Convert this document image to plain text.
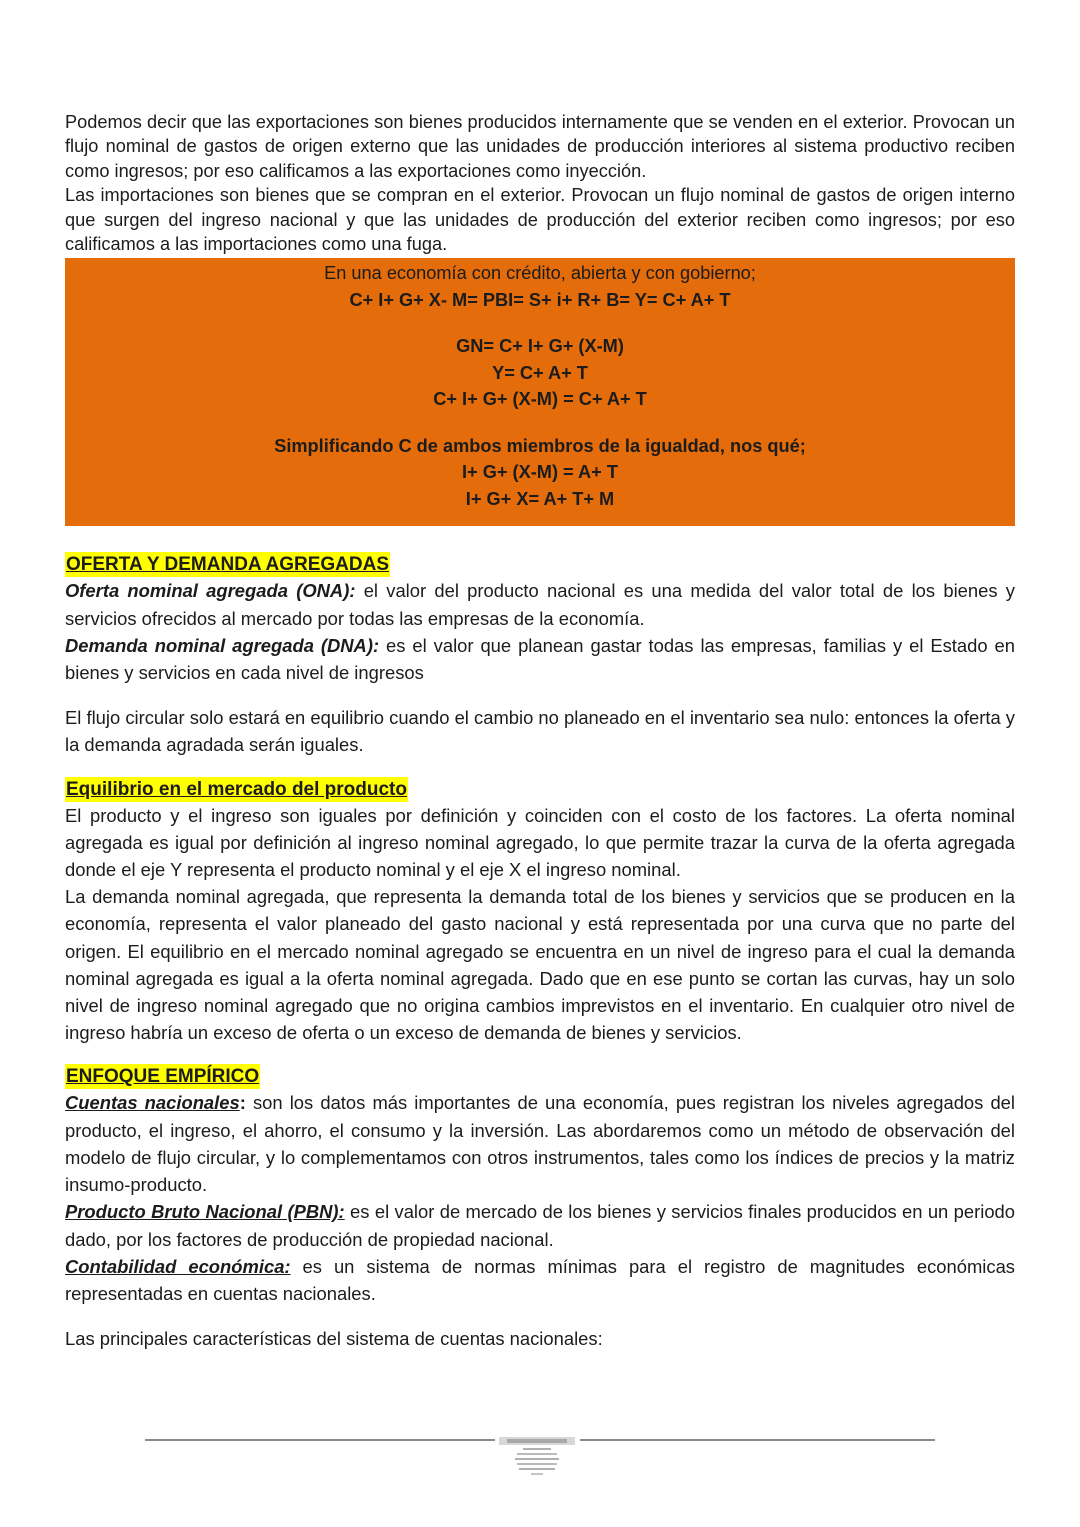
Podemos decir que las exportaciones son bienes producidos internamente que se venden en el exterior. Provocan un flujo nominal de gastos de origen externo que las unidades de producción interiores al sistema productivo reciben como ingresos; por eso calificamos a las exportaciones como inyección.

Las importaciones son bienes que se compran en el exterior. Provocan un flujo nominal de gastos de origen interno que surgen del ingreso nacional y que las unidades de producción del exterior reciben como ingresos; por eso calificamos a las importaciones como una fuga.

En una economía con crédito, abierta y con gobierno;
C+ I+ G+ X- M= PBI= S+ i+ R+ B= Y= C+ A+ T
GN= C+ I+ G+ (X-M)
Y= C+ A+ T
C+ I+ G+ (X-M) = C+ A+ T
Simplificando C de ambos miembros de la igualdad, nos qué;
I+ G+ (X-M) = A+ T
I+ G+ X= A+ T+ M
OFERTA Y DEMANDA AGREGADAS

Oferta nominal agregada (ONA): el valor del producto nacional es una medida del valor total de los bienes y servicios ofrecidos al mercado por todas las empresas de la economía.

Demanda nominal agregada (DNA): es el valor que planean gastar todas las empresas, familias y el Estado en bienes y servicios en cada nivel de ingresos

El flujo circular solo estará en equilibrio cuando el cambio no planeado en el inventario sea nulo: entonces la oferta y la demanda agradada serán iguales.

Equilibrio en el mercado del producto

El producto y el ingreso son iguales por definición y coinciden con el costo de los factores. La oferta nominal agregada es igual por definición al ingreso nominal agregado, lo que permite trazar la curva de la oferta agregada donde el eje Y representa el producto nominal y el eje X el ingreso nominal.

La demanda nominal agregada, que representa la demanda total de los bienes y servicios que se producen en la economía, representa el valor planeado del gasto nacional y está representada por una curva que no parte del origen. El equilibrio en el mercado nominal agregado se encuentra en un nivel de ingreso para el cual la demanda nominal agregada es igual a la oferta nominal agregada. Dado que en ese punto se cortan las curvas, hay un solo nivel de ingreso nominal agregado que no origina cambios imprevistos en el inventario. En cualquier otro nivel de ingreso habría un exceso de oferta o un exceso de demanda de bienes y servicios.

ENFOQUE EMPÍRICO

Cuentas nacionales: son los datos más importantes de una economía, pues registran los niveles agregados del producto, el ingreso, el ahorro, el consumo y la inversión. Las abordaremos como un método de observación del modelo de flujo circular, y lo complementamos con otros instrumentos, tales como los índices de precios y la matriz insumo-producto.

Producto Bruto Nacional (PBN): es el valor de mercado de los bienes y servicios finales producidos en un periodo dado, por los factores de producción de propiedad nacional.

Contabilidad económica: es un sistema de normas mínimas para el registro de magnitudes económicas representadas en cuentas nacionales.

Las principales características del sistema de cuentas nacionales:
